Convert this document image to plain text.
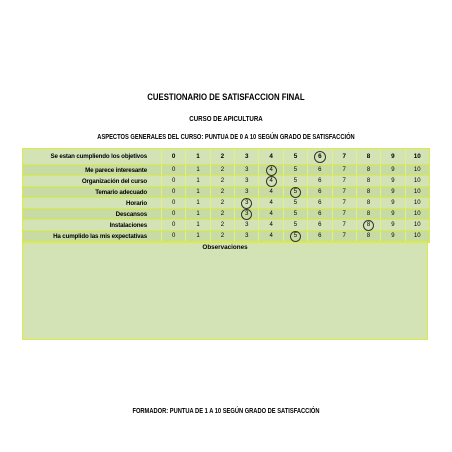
CUESTIONARIO DE SATISFACCION FINAL
CURSO DE APICULTURA
ASPECTOS GENERALES DEL CURSO: PUNTUA DE 0 A 10 SEGÚN GRADO DE SATISFACCIÓN
Se estan cumpliendo los objetivos	0	1	2	3	4	5	6	7	8	9	10
Me parece interesante	0	1	2	3	4	5	6	7	8	9	10
Organización del curso	0	1	2	3	4	5	6	7	8	9	10
Temario adecuado	0	1	2	3	4	5	6	7	8	9	10
Horario	0	1	2	3	4	5	6	7	8	9	10
Descansos	0	1	2	3	4	5	6	7	8	9	10
Instalaciones	0	1	2	3	4	5	6	7	8	9	10
Ha cumplido las mis expectativas	0	1	2	3	4	5	6	7	8	9	10
Observaciones
FORMADOR: PUNTUA DE 1 A 10 SEGÚN GRADO DE SATISFACCIÓN
